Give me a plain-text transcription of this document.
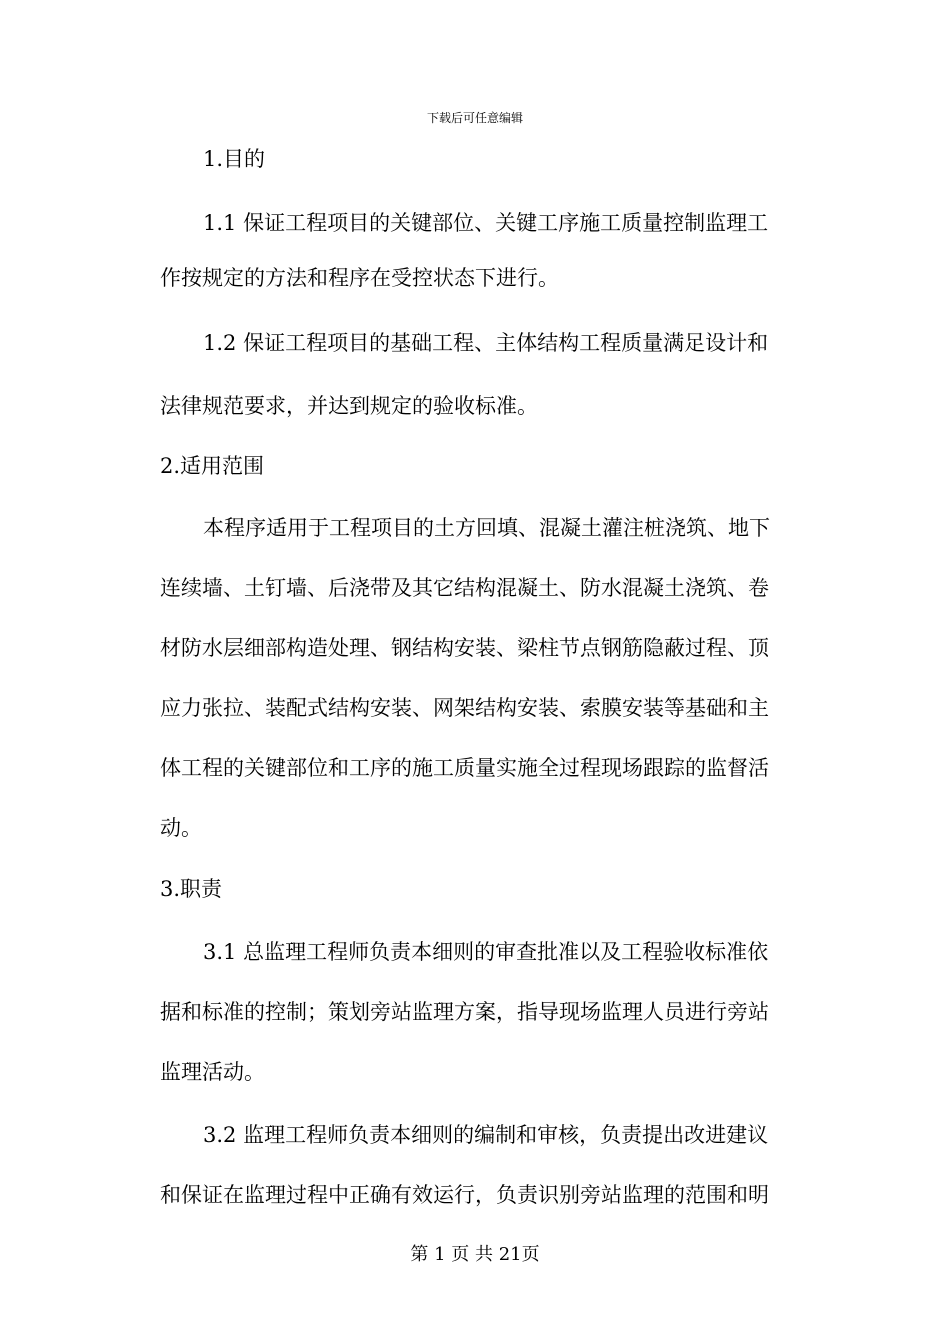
下载后可任意编辑
1.目的
1.1 保证工程项目的关键部位、关键工序施工质量控制监理工
作按规定的方法和程序在受控状态下进行。
1.2 保证工程项目的基础工程、主体结构工程质量满足设计和
法律规范要求，并达到规定的验收标准。
2.适用范围
本程序适用于工程项目的土方回填、混凝土灌注桩浇筑、地下
连续墙、土钉墙、后浇带及其它结构混凝土、防水混凝土浇筑、卷
材防水层细部构造处理、钢结构安装、梁柱节点钢筋隐蔽过程、顶
应力张拉、装配式结构安装、网架结构安装、索膜安装等基础和主
体工程的关键部位和工序的施工质量实施全过程现场跟踪的监督活
动。
3.职责
3.1 总监理工程师负责本细则的审查批准以及工程验收标准依
据和标准的控制；策划旁站监理方案，指导现场监理人员进行旁站
监理活动。
3.2 监理工程师负责本细则的编制和审核，负责提出改进建议
和保证在监理过程中正确有效运行，负责识别旁站监理的范围和明
第 1 页 共 21页
